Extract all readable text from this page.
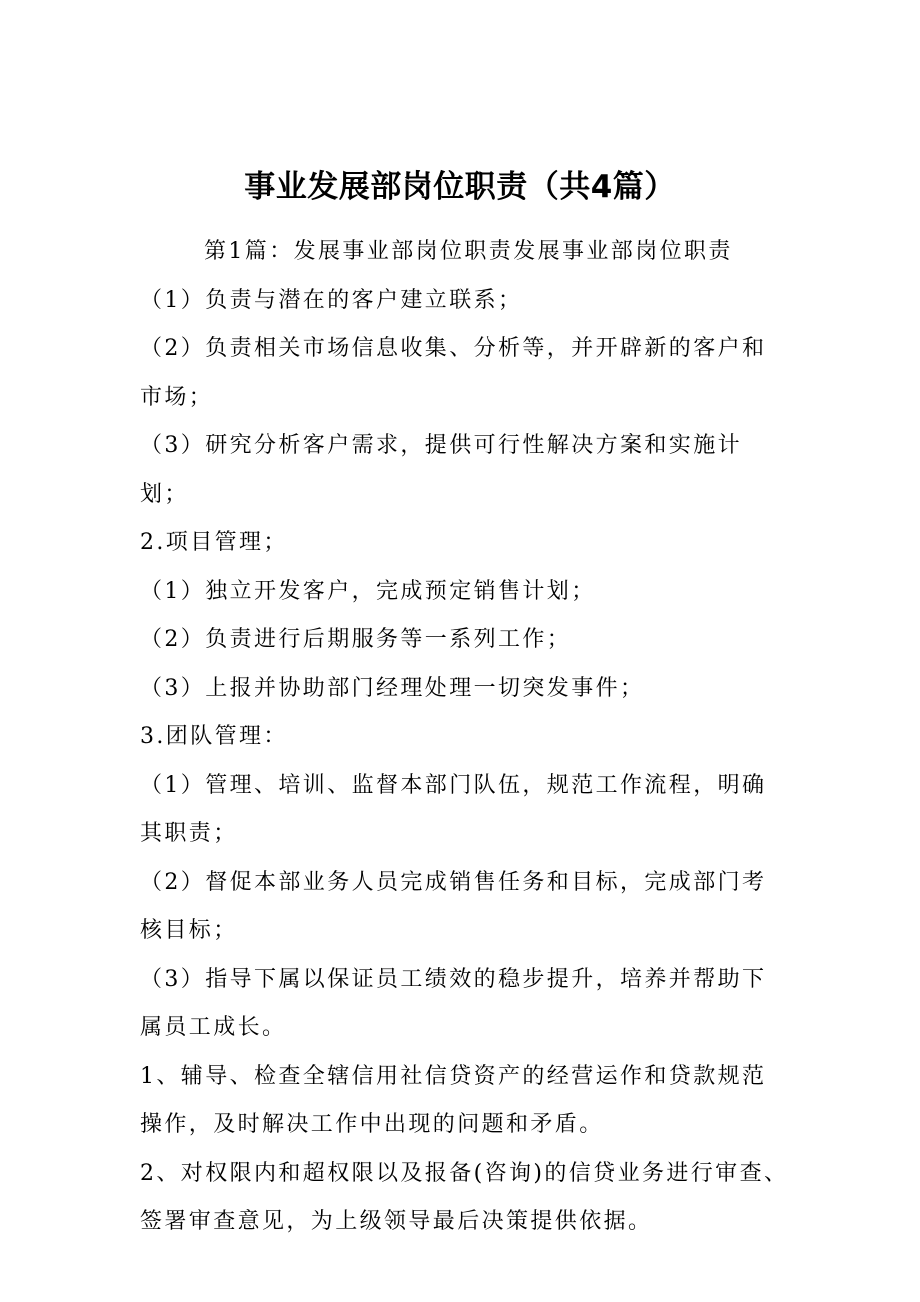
事业发展部岗位职责（共4篇）

第1篇：发展事业部岗位职责发展事业部岗位职责

（1）负责与潜在的客户建立联系；

（2）负责相关市场信息收集、分析等，并开辟新的客户和市场；

（3）研究分析客户需求，提供可行性解决方案和实施计划；

2.项目管理；

（1）独立开发客户，完成预定销售计划；

（2）负责进行后期服务等一系列工作；

（3）上报并协助部门经理处理一切突发事件；

3.团队管理：

（1）管理、培训、监督本部门队伍，规范工作流程，明确其职责；

（2）督促本部业务人员完成销售任务和目标，完成部门考核目标；

（3）指导下属以保证员工绩效的稳步提升，培养并帮助下属员工成长。

1、辅导、检查全辖信用社信贷资产的经营运作和贷款规范操作，及时解决工作中出现的问题和矛盾。

2、对权限内和超权限以及报备(咨询)的信贷业务进行审查、签署审查意见，为上级领导最后决策提供依据。
